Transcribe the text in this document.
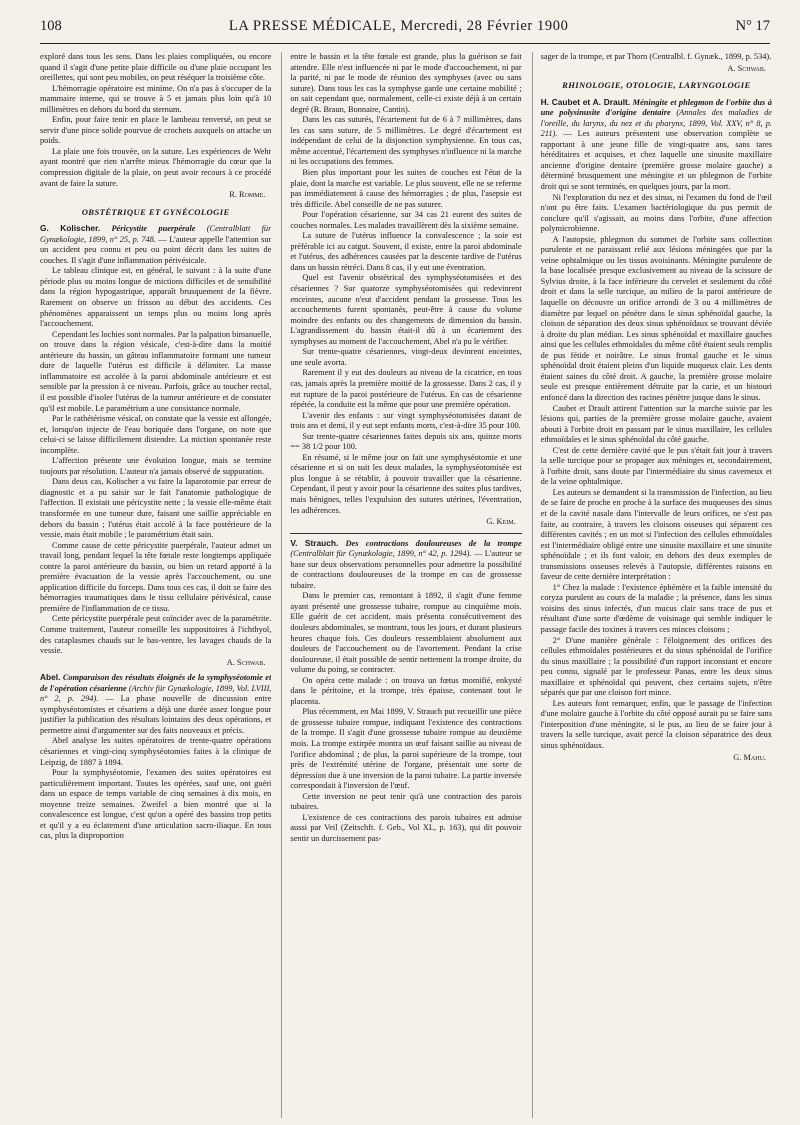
108	LA PRESSE MÉDICALE, Mercredi, 28 Février 1900	N° 17

exploré dans tous les sens. Dans les plaies compliquées, ou encore quand il s'agit d'une petite plaie difficile ou d'une plaie occupant les oreillettes, qui sont peu mobiles, on peut réséquer la troisième côte.

L'hémorragie opératoire est minime. On n'a pas à s'occuper de la mammaire interne, qui se trouve à 5 et jamais plus loin qu'à 10 millimètres en dehors du bord du sternum.

Enfin, pour faire tenir en place le lambeau renversé, on peut se servir d'une pince solide pourvue de crochets auxquels on attache un poids.

La plaie une fois trouvée, on la suture. Les expériences de Wehr ayant montré que rien n'arrête mieux l'hémorragie du cœur que la compression digitale de la plaie, on peut avoir recours à ce procédé avant de faire la suture.

R. Romme.
OBSTÉTRIQUE ET GYNÉCOLOGIE

G. Kolischer. Péricystite puerpérale (Centralblatt für Gynækologie, 1899, n° 25, p. 748. — L'auteur appelle l'attention sur un accident peu connu et peu ou point décrit dans les suites de couches. Il s'agit d'une inflammation périvésicale.

Le tableau clinique est, en général, le suivant : à la suite d'une période plus ou moins longue de mictions difficiles et de sensibilité dans la région hypogastrique, apparaît brusquement de la fièvre. Rarement on observe un frisson au début des accidents. Ces phénomènes apparaissent un temps plus ou moins long après l'accouchement.

Cependant les lochies sont normales. Par la palpation bimanuelle, on trouve dans la région vésicale, c'est-à-dire dans la moitié antérieure du bassin, un gâteau inflammatoire formant une tumeur dure de laquelle l'utérus est difficile à délimiter. La masse inflammatoire est accolée à la paroi abdominale antérieure et est sensible par la pression à ce niveau. Parfois, grâce au toucher rectal, il est possible d'isoler l'utérus de la tumeur antérieure et de constater qu'il est mobile. Le paramétrium a une consistance normale.

Par le cathétérisme vésical, on constate que la vessie est allongée, et, lorsqu'on injecte de l'eau boriquée dans l'organe, on note que celui-ci se laisse difficilement distendre. La miction spontanée reste incomplète.

L'affection présente une évolution longue, mais se termine toujours par résolution. L'auteur n'a jamais observé de suppuration.

Dans deux cas, Kolischer a vu faire la laparotomie par erreur de diagnostic et a pu saisir sur le fait l'anatomie pathologique de l'affection. Il existait une péricystite nette ; la vessie elle-même était transformée en une tumeur dure, faisant une saillie appréciable en dehors du bassin ; l'utérus était accolé à la face postérieure de la vessie, mais était mobile ; le paramétrium était sain.

Comme cause de cette péricystite puerpérale, l'auteur admet un travail long, pendant lequel la tête fœtale reste longtemps appliquée contre la paroi antérieure du bassin, ou bien un retard apporté à la première évacuation de la vessie après l'accouchement, ou une application difficile du forceps. Dans tous ces cas, il doit se faire des hémorragies traumatiques dans le tissu cellulaire périvésical, cause première de l'inflammation de ce tissu.

Cette péricystite puerpérale peut coïncider avec de la paramétrite. Comme traitement, l'auteur conseille les suppositoires à l'ichthyol, des cataplasmes chauds sur le bas-ventre, les lavages chauds de la vessie.

A. Schwab.

Abel. Comparaison des résultats éloignés de la symphyséotomie et de l'opération césarienne (Archiv für Gynækologie, 1899, Vol. LVIII, n° 2, p. 294). — La phase nouvelle de discussion entre symphyséotomistes et césariens a déjà une durée assez longue pour justifier la publication des résultats lointains des deux opérations, et permettre ainsi d'argumenter sur des faits nouveaux et précis.

Abel analyse les suites opératoires de trente-quatre opérations césariennes et vingt-cinq symphyséotomies faites à la clinique de Leipzig, de 1887 à 1894.

Pour la symphyséotomie, l'examen des suites opératoires est particulièrement important. Toutes les opérées, sauf une, ont guéri dans un espace de temps variable de cinq semaines à dix mois, en moyenne treize semaines. Zweifel a bien montré que si la convalescence est longue, c'est qu'on a opéré des bassins trop petits et qu'il y a eu éclatement d'une articulation sacro-iliaque. En tous cas, plus la disproportion

entre le bassin et la tête fœtale est grande, plus la guérison se fait attendre. Elle n'est influencée ni par le mode d'accouchement, ni par la parité, ni par le mode de réunion des symphyses (avec ou sans suture). Dans tous les cas la symphyse garde une certaine mobilité ; on sait cependant que, normalement, celle-ci existe déjà à un certain degré (R. Braun, Bonnaire, Cantin).

Dans les cas suturés, l'écartement fut de 6 à 7 millimètres, dans les cas sans suture, de 5 millimètres. Le degré d'écartement est indépendant de celui de la disjonction symphysienne. En tous cas, même accentué, l'écartement des symphyses n'influence ni la marche ni les occupations des femmes.

Bien plus important pour les suites de couches est l'état de la plaie, dont la marche est variable. Le plus souvent, elle ne se referme pas immédiatement à cause des hémorragies ; de plus, l'asepsie est très difficile. Abel conseille de ne pas suturer.

Pour l'opération césarienne, sur 34 cas 21 eurent des suites de couches normales. Les malades travaillèrent dès la sixième semaine.

La suture de l'utérus influence la convalescence ; la soie est préférable ici au catgut. Souvent, il existe, entre la paroi abdominale et l'utérus, des adhérences causées par la descente tardive de l'utérus dans un bassin rétréci. Dans 8 cas, il y eut une éventration.

Quel est l'avenir obstétrical des symphyséotomisées et des césariennes ? Sur quatorze symphyséotomisées qui redevinrent enceintes, aucune n'eut d'accident pendant la grossesse. Tous les accouchements furent spontanés, peut-être à cause du volume moindre des enfants ou des changements de dimension du bassin. L'agrandissement du bassin était-il dû à un écartement des symphyses au moment de l'accouchement, Abel n'a pu le vérifier.

Sur trente-quatre césariennes, vingt-deux devinrent enceintes, une seule avorta.

Rarement il y eut des douleurs au niveau de la cicatrice, en tous cas, jamais après la première moitié de la grossesse. Dans 2 cas, il y eut rupture de la paroi postérieure de l'utérus. En cas de césarienne répétée, la conduite est la même que pour une première opération.

L'avenir des enfants : sur vingt symphyséotomisées datant de trois ans et demi, il y eut sept enfants morts, c'est-à-dire 35 pour 100.

Sur trente-quatre césariennes faites depuis six ans, quinze morts == 38 1/2 pour 100.

En résumé, si le même jour on fait une symphyséotomie et une césarienne et si on suit les deux malades, la symphyséotomisée est plus longue à se rétablir, à pouvoir travailler que la césarienne. Cependant, il peut y avoir pour la césarienne des suites plus tardives, mais bénignes, telles l'expulsion des sutures utérines, l'éventration, les adhérences.

G. Keim.

V. Strauch. Des contractions douloureuses de la trompe (Centralblatt für Gynækologie, 1899, n° 42, p. 1294). — L'auteur se base sur deux observations personnelles pour admettre la possibilité de contractions douloureuses de la trompe en cas de grossesse tubaire.

Dans le premier cas, remontant à 1892, il s'agit d'une femme ayant présenté une grossesse tubaire, rompue au cinquième mois. Elle guérit de cet accident, mais présenta consécutivement des douleurs abdominales, se montrant, tous les jours, et durant plusieurs heures chaque fois. Ces douleurs ressemblaient absolument aux douleurs de l'accouchement ou de l'avortement. Pendant la crise douloureuse, il était possible de sentir nettement la trompe droite, du volume du poing, se contracter.

On opéra cette malade : on trouva un fœtus momifié, enkysté dans le péritoine, et la trompe, très épaisse, contenant tout le placenta.

Plus récemment, en Mai 1899, V. Strauch put recueillir une pièce de grossesse tubaire rompue, indiquant l'existence des contractions de la trompe. Il s'agit d'une grossesse tubaire rompue au deuxième mois. La trompe extirpée montra un œuf faisant saillie au niveau de l'orifice abdominal ; de plus, la paroi supérieure de la trompe, tout près de l'extrémité utérine de l'organe, présentait une sorte de dépression due à une inversion de la paroi tubaire. La partie inversée correspondait à l'inversion de l'œuf.

Cette inversion ne peut tenir qu'à une contraction des parois tubaires.

L'existence de ces contractions des parois tubaires est admise aussi par Veil (Zeitschft. f. Geb., Vol XL, p. 163), qui dit pouvoir sentir un durcissement pas-

sager de la trompe, et par Thorn (Centralbl. f. Gynæk., 1899, p. 534).

A. Schwab.
RHINOLOGIE, OTOLOGIE, LARYNGOLOGIE

H. Caubet et A. Drault. Méningite et phlegmon de l'orbite dus à une polysinusite d'origine dentaire (Annales des maladies de l'oreille, du larynx, du nez et du pharynx, 1899, Vol. XXV, n° 8, p. 211). — Les auteurs présentent une observation complète se rapportant à une jeune fille de vingt-quatre ans, sans tares héréditaires et acquises, et chez laquelle une sinusite maxillaire ancienne d'origine dentaire (première grosse molaire gauche) a déterminé brusquement une méningite et un phlegmon de l'orbite droit qui se sont terminés, en quelques jours, par la mort.

Ni l'exploration du nez et des sinus, ni l'examen du fond de l'œil n'ont pu être faits. L'examen bactériologique du pus permit de conclure qu'il s'agissait, au moins dans l'orbite, d'une affection polymicrobienne.

A l'autopsie, phlegmon du sommet de l'orbite sans collection purulente et ne paraissant relié aux lésions méningées que par la veine ophtalmique ou les tissus avoisinants. Méningite purulente de la base localisée presque exclusivement au niveau de la scissure de Sylvius droite, à la face inférieure du cervelet et seulement du côté droit et dans la selle turcique, au milieu de la paroi antérieure de laquelle on découvre un orifice arrondi de 3 ou 4 millimètres de diamètre par lequel on pénètre dans le sinus sphénoïdal gauche, la cloison de séparation des deux sinus sphénoïdaux se trouvant déviée à droite du plan médian. Les sinus sphénoïdal et maxillaire gauches ainsi que les cellules ethmoïdales du même côté étaient seuls remplis de pus fétide et noirâtre. Le sinus frontal gauche et le sinus sphénoïdal droit étaient pleins d'un liquide muqueux clair. Les dents étaient saines du côté droit. A gauche, la première grosse molaire seule est presque entièrement détruite par la carie, et un bistouri enfoncé dans la direction des racines pénètre jusque dans le sinus.

Caubet et Drault attirent l'attention sur la marche suivie par les lésions qui, parties de la première grosse molaire gauche, avaient abouti à l'orbite droit en passant par le sinus maxillaire, les cellules ethmoïdales et le sinus sphénoïdal du côté gauche.

C'est de cette dernière cavité que le pus s'était fait jour à travers la selle turcique pour se propager aux méninges et, secondairement, à l'orbite droit, sans doute par l'intermédiaire du sinus caverneux et de la veine ophtalmique.

Les auteurs se demandent si la transmission de l'infection, au lieu de se faire de proche en proche à la surface des muqueuses des sinus et de la cavité nasale dans l'intervalle de leurs orifices, ne s'est pas faite, au contraire, à travers les cloisons osseuses qui séparent ces différentes cavités ; en un mot si l'infection des cellules ethmoïdales est l'intermédiaire obligé entre une sinusite maxillaire et une sinusite sphénoïdale ; et ils font valoir, en dehors des deux exemples de transmissions osseuses relevés à l'autopsie, différentes raisons en faveur de cette dernière interprétation :

1° Chez la malade : l'existence éphémère et la faible intensité du coryza purulent au cours de la maladie ; la présence, dans les sinus voisins des sinus infectés, d'un mucus clair sans trace de pus et résultant d'une sorte d'œdème de voisinage qui semble indiquer le passage facile des toxines à travers ces minces cloisons ;

2° D'une manière générale : l'éloignement des orifices des cellules ethmoïdales postérieures et du sinus sphénoïdal de l'orifice du sinus maxillaire ; la possibilité d'un rapport inconstant et encore peu connu, signalé par le professeur Panas, entre les deux sinus maxillaire et sphénoïdal qui peuvent, chez certains sujets, n'être séparés que par une cloison fort mince.

Les auteurs font remarquer, enfin, que le passage de l'infection d'une molaire gauche à l'orbite du côté opposé aurait pu se faire sans l'interposition d'une méningite, si le pus, au lieu de se faire jour à travers la selle turcique, avait percé la cloison séparatrice des deux sinus sphénoïdaux.

G. Mahu.
